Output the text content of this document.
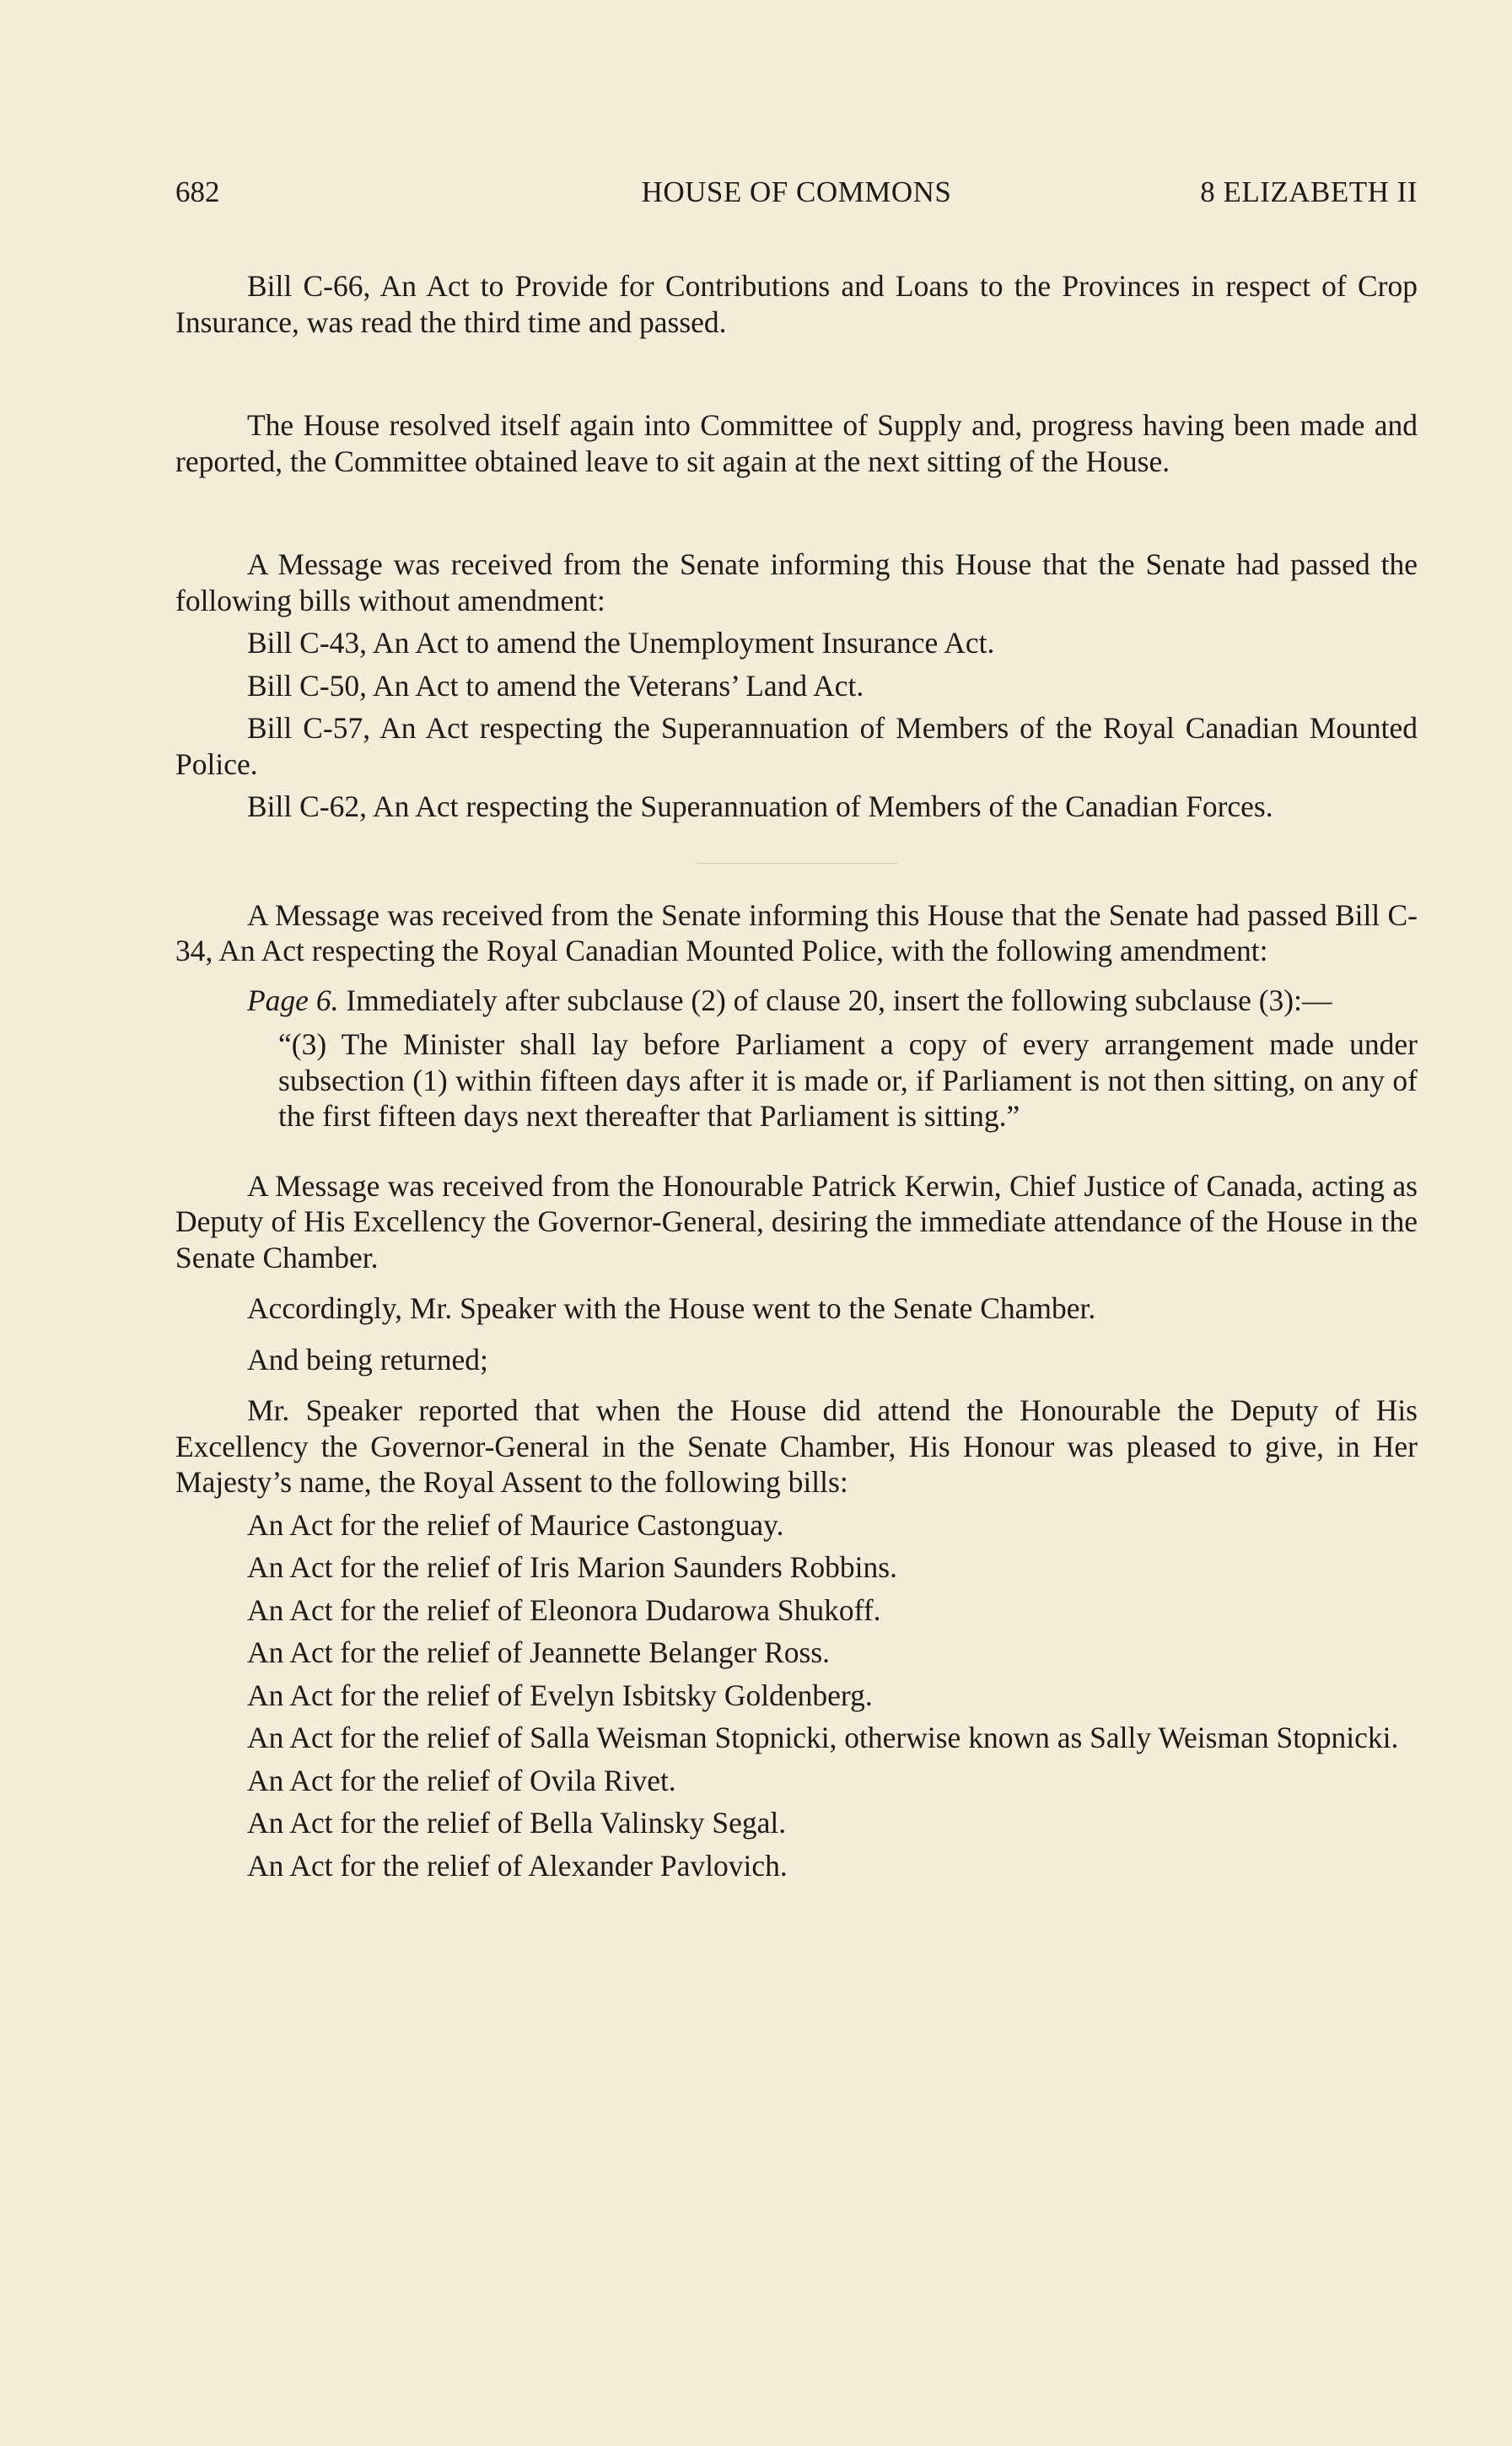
682	HOUSE OF COMMONS	8 ELIZABETH II

Bill C-66, An Act to Provide for Contributions and Loans to the Provinces in respect of Crop Insurance, was read the third time and passed.

The House resolved itself again into Committee of Supply and, progress having been made and reported, the Committee obtained leave to sit again at the next sitting of the House.

A Message was received from the Senate informing this House that the Senate had passed the following bills without amendment:

Bill C-43, An Act to amend the Unemployment Insurance Act.

Bill C-50, An Act to amend the Veterans’ Land Act.

Bill C-57, An Act respecting the Superannuation of Members of the Royal Canadian Mounted Police.

Bill C-62, An Act respecting the Superannuation of Members of the Canadian Forces.

A Message was received from the Senate informing this House that the Senate had passed Bill C-34, An Act respecting the Royal Canadian Mounted Police, with the following amendment:

Page 6. Immediately after subclause (2) of clause 20, insert the following subclause (3):—

“(3) The Minister shall lay before Parliament a copy of every arrangement made under subsection (1) within fifteen days after it is made or, if Parliament is not then sitting, on any of the first fifteen days next thereafter that Parliament is sitting.”

A Message was received from the Honourable Patrick Kerwin, Chief Justice of Canada, acting as Deputy of His Excellency the Governor-General, desiring the immediate attendance of the House in the Senate Chamber.

Accordingly, Mr. Speaker with the House went to the Senate Chamber.

And being returned;

Mr. Speaker reported that when the House did attend the Honourable the Deputy of His Excellency the Governor-General in the Senate Chamber, His Honour was pleased to give, in Her Majesty’s name, the Royal Assent to the following bills:

An Act for the relief of Maurice Castonguay.

An Act for the relief of Iris Marion Saunders Robbins.

An Act for the relief of Eleonora Dudarowa Shukoff.

An Act for the relief of Jeannette Belanger Ross.

An Act for the relief of Evelyn Isbitsky Goldenberg.

An Act for the relief of Salla Weisman Stopnicki, otherwise known as Sally Weisman Stopnicki.

An Act for the relief of Ovila Rivet.

An Act for the relief of Bella Valinsky Segal.

An Act for the relief of Alexander Pavlovich.
